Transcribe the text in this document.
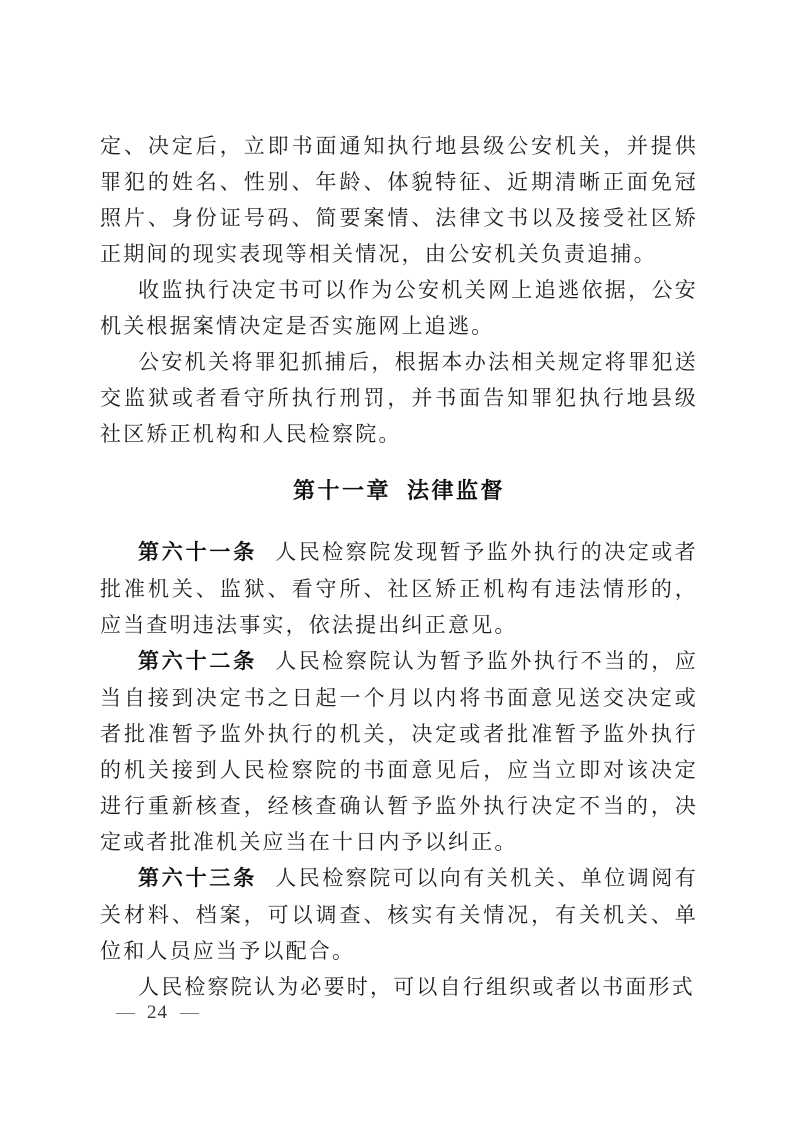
定、决定后，立即书面通知执行地县级公安机关，并提供罪犯的姓名、性别、年龄、体貌特征、近期清晰正面免冠照片、身份证号码、简要案情、法律文书以及接受社区矫正期间的现实表现等相关情况，由公安机关负责追捕。

收监执行决定书可以作为公安机关网上追逃依据，公安机关根据案情决定是否实施网上追逃。

公安机关将罪犯抓捕后，根据本办法相关规定将罪犯送交监狱或者看守所执行刑罚，并书面告知罪犯执行地县级社区矫正机构和人民检察院。

第十一章 法律监督

第六十一条 人民检察院发现暂予监外执行的决定或者批准机关、监狱、看守所、社区矫正机构有违法情形的，应当查明违法事实，依法提出纠正意见。

第六十二条 人民检察院认为暂予监外执行不当的，应当自接到决定书之日起一个月以内将书面意见送交决定或者批准暂予监外执行的机关，决定或者批准暂予监外执行的机关接到人民检察院的书面意见后，应当立即对该决定进行重新核查，经核查确认暂予监外执行决定不当的，决定或者批准机关应当在十日内予以纠正。

第六十三条 人民检察院可以向有关机关、单位调阅有关材料、档案，可以调查、核实有关情况，有关机关、单位和人员应当予以配合。

人民检察院认为必要时，可以自行组织或者以书面形式

— 24 —
